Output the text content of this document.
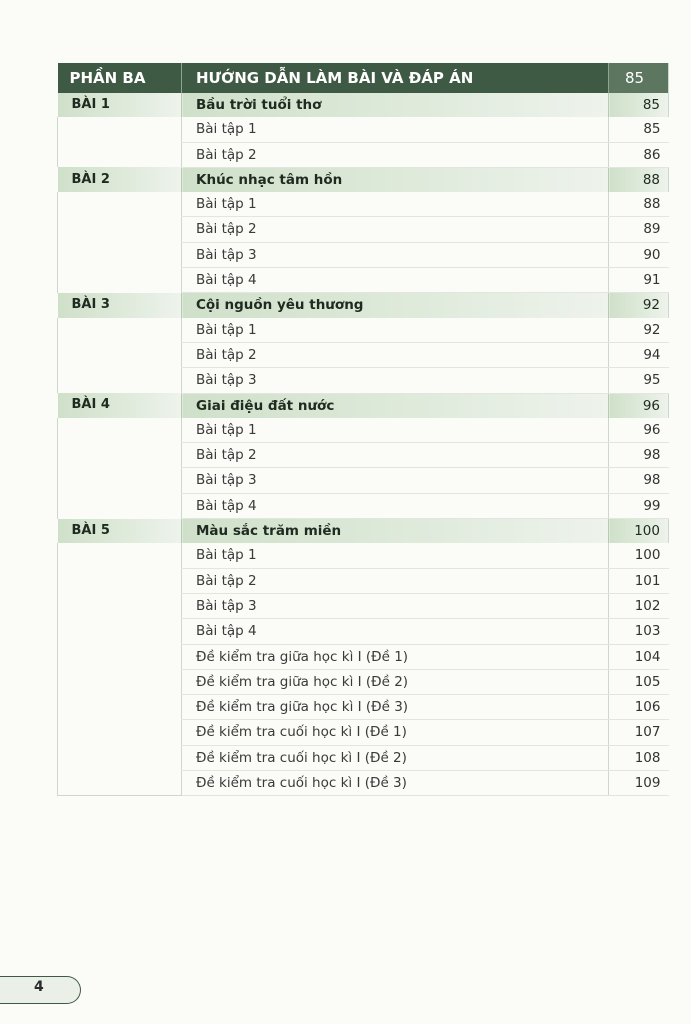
PHẦN BA	HƯỚNG DẪN LÀM BÀI VÀ ĐÁP ÁN	85
BÀI 1	Bầu trời tuổi thơ	85
	Bài tập 1	85
	Bài tập 2	86
BÀI 2	Khúc nhạc tâm hồn	88
	Bài tập 1	88
	Bài tập 2	89
	Bài tập 3	90
	Bài tập 4	91
BÀI 3	Cội nguồn yêu thương	92
	Bài tập 1	92
	Bài tập 2	94
	Bài tập 3	95
BÀI 4	Giai điệu đất nước	96
	Bài tập 1	96
	Bài tập 2	98
	Bài tập 3	98
	Bài tập 4	99
BÀI 5	Màu sắc trăm miền	100
	Bài tập 1	100
	Bài tập 2	101
	Bài tập 3	102
	Bài tập 4	103
	Đề kiểm tra giữa học kì I (Đề 1)	104
	Đề kiểm tra giữa học kì I (Đề 2)	105
	Đề kiểm tra giữa học kì I (Đề 3)	106
	Đề kiểm tra cuối học kì I (Đề 1)	107
	Đề kiểm tra cuối học kì I (Đề 2)	108
	Đề kiểm tra cuối học kì I (Đề 3)	109
4
